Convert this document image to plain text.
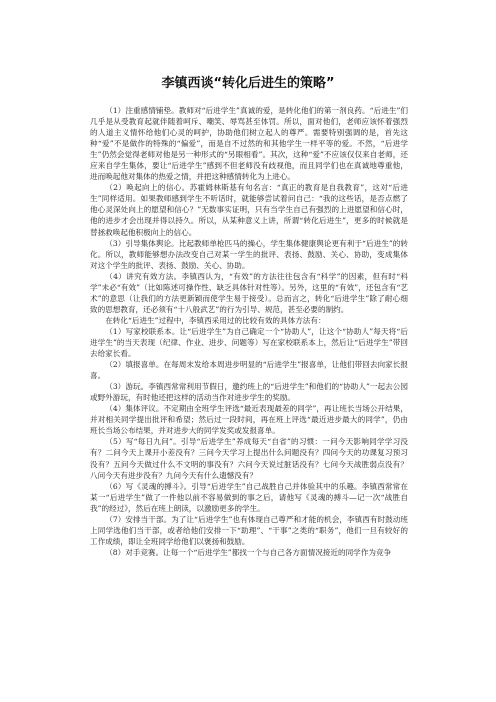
李镇西谈“转化后进生的策略”

（1）注重感情铺垫。教师对“后进学生”真诚的爱，是转化他们的第一剂良药。“后进生”们几乎是从受教育起就伴随着呵斥、嘲笑、辱骂甚至体罚。所以，面对他们，老师应该怀着强烈的人道主义情怀给他们心灵的呵护，协助他们树立起人的尊严。需要特别强调的是，首先这种“爱”不是做作的特殊的“偏爱”，而是自不过然的和其他学生一样平等的爱。不然，“后进学生”仍然会觉得老师对他是另一种形式的“另眼相看”。其次，这种“爱”不应该仅仅来自老师，还应来自学生集体，要让“后进学生”感到不但老师没有歧视他，而且同学们也在真诚地尊重他，进而唤起他对集体的热爱之情，并把这种感情转化为上进心。

（2）唤起向上的信心。苏霍姆林斯基有句名言：“真正的教育是自我教育”，这对“后进生”同样适用。如果教师感到学生不听话时，就能够尝试着问自己：“我的这些话，是否点燃了他心灵深处向上的愿望和信心？”无数事实证明，只有当学生自己有强烈的上进愿望和信心时，他的进步才会出现并得以持久。所以，从某种意义上讲，所谓“转化后进生”，更多的时候就是替拯救唤起他积极向上的信心。

（3）引导集体舆论。比起教师单枪匹马的操心，学生集体健康舆论更有利于“后进生”的转化。所以，教师能够想办法改变自己对某一学生的批评、表扬、鼓励、关心、协助，变成集体对这个学生的批评、表扬、鼓励、关心、协助。

（4）讲究有效方法。李镇西认为，“有效”的方法往往包含有“科学”的因素，但有时“科学”未必“有效”（比如陈述可操作性、缺乏具体针对性等）。另外，这里的“有效”，还包含有“艺术”的意思（让我们的方法更新颖而使学生易于接受）。总而言之，转化“后进学生”除了耐心细致的思想教育，还必须有“十八般武艺”的行为引导、规范，甚至必要的制约。

在转化“后进生”过程中，李镇西采用过的比较有效的具体方法有：

（1）写家校联系本。让“后进学生”为自己确定一个“协助人”，让这个“协助人”每天将“后进学生”的当天表现（纪律、作业、进步、问题等）写在家校联系本上，然后让“后进学生”带回去给家长看。

（2）填报喜单。在每周末发给本周进步明显的“后进学生”报喜单，让他们带回去向家长报喜。

（3）游玩。李镇西常常利用节假日，邀约班上的“后进学生”和他们的“协助人”一起去公园或野外游玩，有时他还把这样的活动当作对进步学生的奖励。

（4）集体评议。不定期由全班学生评选“最近表现最差的同学”，再让班长当场公开结果，并对相关同学提出批评和希望；然后过一段时间，再在班上评选“最近进步最大的同学”，仍由班长当场公布结果，并对进步大的同学发奖或发报喜单。

（5）写“每日九问”。引导“后进学生”养成每天“自省”的习惯：一问今天影响同学学习没有？二问今天上课开小差没有？三问今天学习上提出什么问题没有？四问今天的功课复习预习没有？五问今天做过什么不文明的事没有？六问今天说过脏话没有？七问今天战胜弱点没有？八问今天有进步没有？九问今天有什么遗憾没有？

（6）写《灵魂的搏斗》。引导“后进学生”自己战胜自己并体验其中的乐趣。李镇西常常在某一“后进学生”做了一件他以前不容易做到的事之后，请他写《灵魂的搏斗—记一次“战胜自我”的经过》，然后在班上朗读，以激励更多的学生。

（7）安排当干部。为了让“后进学生”也有体现自己尊严和才能的机会，李镇西有时鼓动班上同学选他们当干部，或者给他们安排一下“助理”、“干事”之类的“职务”，他们一旦有较好的工作成绩，即让全班同学给他们以褒扬和鼓励。

（8）对手竞赛。让每一个“后进学生”都找一个与自己各方面情况接近的同学作为竞争
